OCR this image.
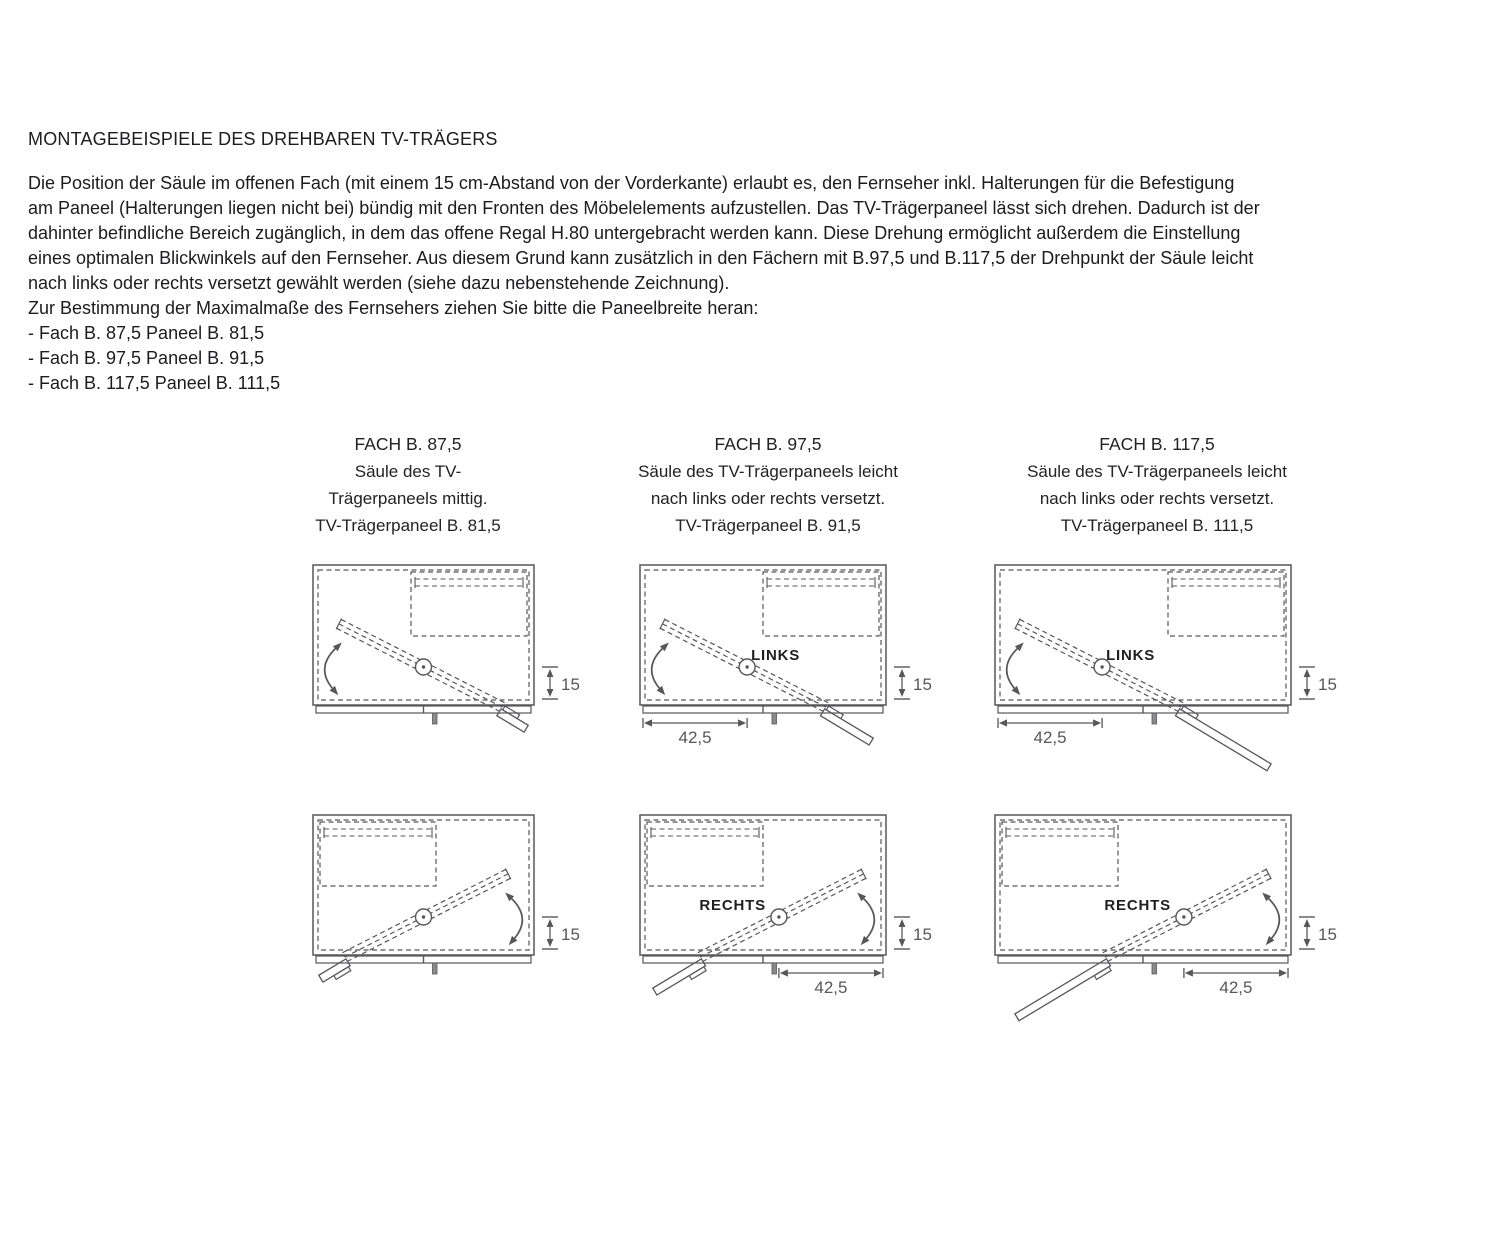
MONTAGEBEISPIELE DES DREHBAREN TV-TRÄGERS
Die Position der Säule im offenen Fach (mit einem 15 cm-Abstand von der Vorderkante) erlaubt es, den Fernseher inkl. Halterungen für die Befestigung
am Paneel (Halterungen liegen nicht bei) bündig mit den Fronten des Möbelelements aufzustellen. Das TV-Trägerpaneel lässt sich drehen. Dadurch ist der
dahinter befindliche Bereich zugänglich, in dem das offene Regal H.80 untergebracht werden kann. Diese Drehung ermöglicht außerdem die Einstellung
eines optimalen Blickwinkels auf den Fernseher. Aus diesem Grund kann zusätzlich in den Fächern mit B.97,5 und B.117,5 der Drehpunkt der Säule leicht
nach links oder rechts versetzt gewählt werden (siehe dazu nebenstehende Zeichnung).
Zur Bestimmung der Maximalmaße des Fernsehers ziehen Sie bitte die Paneelbreite heran:
- Fach B. 87,5 Paneel B. 81,5
- Fach B. 97,5 Paneel B. 91,5
- Fach B. 117,5 Paneel B. 111,5
FACH B. 87,5
Säule des TV-
Trägerpaneels mittig.
TV-Trägerpaneel B. 81,5
FACH B. 97,5
Säule des TV-Trägerpaneels leicht
nach links oder rechts versetzt.
TV-Trägerpaneel B. 91,5
FACH B. 117,5
Säule des TV-Trägerpaneels leicht
nach links oder rechts versetzt.
TV-Trägerpaneel B. 111,5
15	15
42,5
LINKS
15
42,5
LINKS
15	15
42,5
RECHTS
15
42,5
RECHTS
